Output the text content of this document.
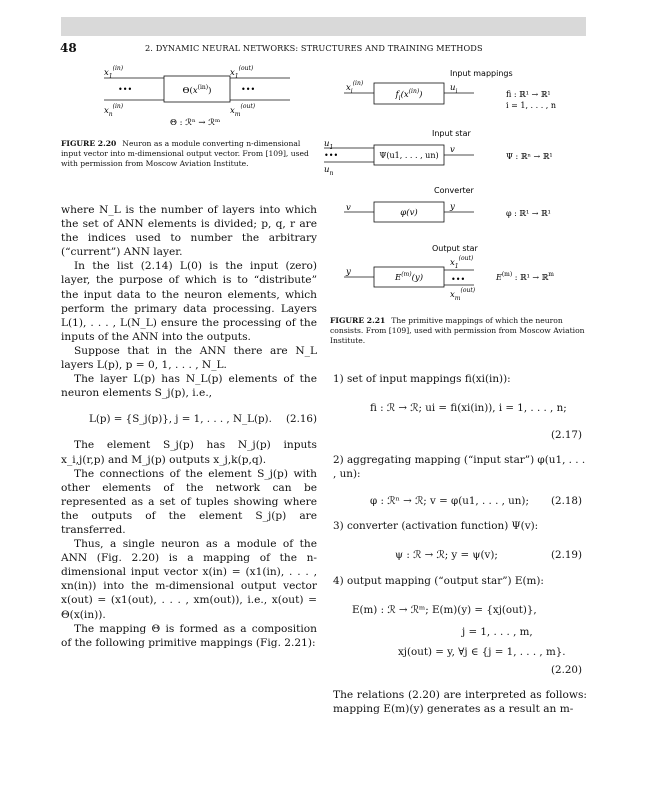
48	2. DYNAMIC NEURAL NETWORKS: STRUCTURES AND TRAINING METHODS
$x_1^{(in)}$
$x_n^{(in)}$
•••	$\Theta(x^{(in)})$	•••
$x_1^{(out)}$
$x_m^{(out)}$
Θ : ℛⁿ → ℛᵐ
FIGURE 2.20 Neuron as a module converting n-dimensional input vector into m-dimensional output vector. From [109], used with permission from Moscow Aviation Institute.
Input mappings
$x_i^{(in)}$
$f_i(x^{(in)})$
$u_i$	fi : ℝ¹ → ℝ¹
i = 1, . . . , n
Input star
$u_1$
•••
$u_n$
Ψ(u1, . . . , un)
v
Ψ : ℝⁿ → ℝ¹
Converter
v	φ(v)
y
φ : ℝ¹ → ℝ¹
Output star
y
$E^{(m)}(y)$	•••
$x_1^{(out)}$
$x_m^{(out)}$
$E^{(m)}$ : ℝ¹ → ℝ$^m$
FIGURE 2.21 The primitive mappings of which the neuron consists. From [109], used with permission from Moscow Aviation Institute.
where N_L is the number of layers into which the set of ANN elements is divided; p, q, r are the indices used to number the arbitrary (“current”) ANN layer.
In the list (2.14) L(0) is the input (zero) layer, the purpose of which is to “distribute” the input data to the neuron elements, which perform the primary data processing. Layers L(1), . . . , L(N_L) ensure the processing of the inputs of the ANN into the outputs.
Suppose that in the ANN there are N_L layers L(p), p = 0, 1, . . . , N_L.
The layer L(p) has N_L(p) elements of the neuron elements S_j(p), i.e.,
L(p) = {S_j(p)}, j = 1, . . . , N_L(p). (2.16)
The element S_j(p) has N_j(p) inputs x_i,j(r,p) and M_j(p) outputs x_j,k(p,q).
The connections of the element S_j(p) with other elements of the network can be represented as a set of tuples showing where the outputs of the element S_j(p) are transferred.
Thus, a single neuron as a module of the ANN (Fig. 2.20) is a mapping of the n-dimensional input vector x(in) = (x1(in), . . . , xn(in)) into the m-dimensional output vector x(out) = (x1(out), . . . , xm(out)), i.e., x(out) = Θ(x(in)).
The mapping Θ is formed as a composition of the following primitive mappings (Fig. 2.21):
1) set of input mappings fi(xi(in)):
fi : ℛ → ℛ; ui = fi(xi(in)), i = 1, . . . , n;
(2.17)
2) aggregating mapping (“input star”) φ(u1, . . . , un):
φ : ℛⁿ → ℛ; v = φ(u1, . . . , un); (2.18)
3) converter (activation function) Ψ(v):
ψ : ℛ → ℛ; y = ψ(v);	(2.19)
4) output mapping (“output star”) E(m):
E(m) : ℛ → ℛᵐ; E(m)(y) = {xj(out)},
j = 1, . . . , m,
xj(out) = y, ∀j ∈ {j = 1, . . . , m}.
(2.20)
The relations (2.20) are interpreted as follows: mapping E(m)(y) generates as a result an m-
